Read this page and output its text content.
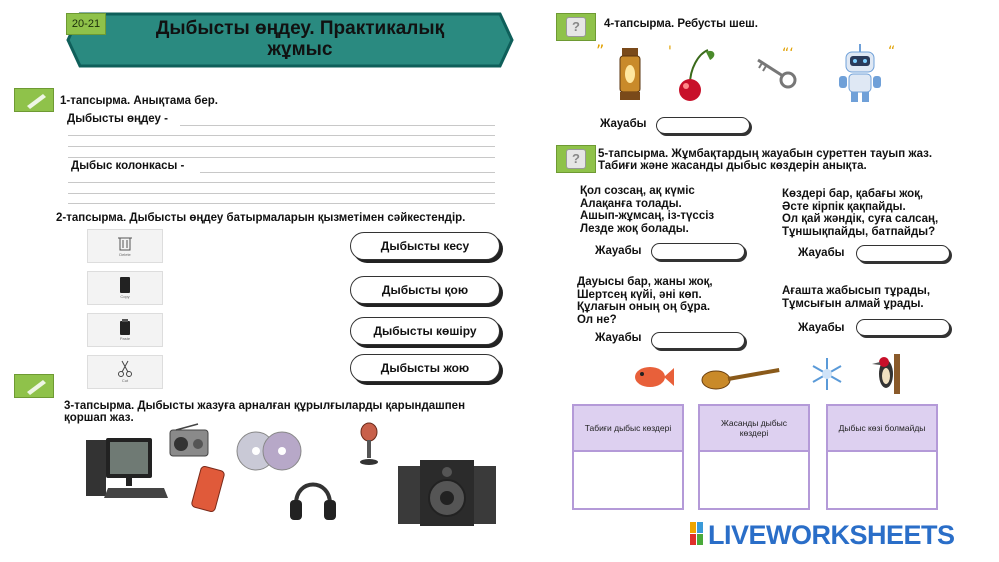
20-21	Дыбысты өңдеу. Практикалық
жұмыс
1-тапсырма. Анықтама бер.
Дыбысты өңдеу -
Дыбыс колонкасы -
2-тапсырма. Дыбысты өңдеу батырмаларын қызметімен сәйкестендір.
Delete
Copy
Paste
Cut
Дыбысты кесу
Дыбысты қою
Дыбысты көшіру
Дыбысты жою
3-тапсырма. Дыбысты жазуға арналған құрылғыларды қарындашпен
қоршап жаз.
?	4-тапсырма. Ребусты шеш.
”	'	“‘	“
Жауабы
?	5-тапсырма. Жұмбақтардың жауабын суреттен тауып жаз.
Табиғи және жасанды дыбыс көздерін анықта.
Қол созсаң, ақ күміс
Алақанға толады.
Ашып-жұмсаң, із-түссіз
Лезде жоқ болады.
Жауабы
Көздері бар, қабағы жоқ,
Әсте кірпік қақпайды.
Ол қай жәндік, суға салсаң,
Тұншықпайды, батпайды?
Жауабы
Дауысы бар, жаны жоқ,
Шертсең күйі, әні көп.
Құлағын оның оң бұра.
Ол не?
Жауабы
Ағашта жабысып тұрады,
Тұмсығын алмай ұрады.
Жауабы
Табиғи дыбыс көздері	Жасанды дыбыс көздері	Дыбыс көзі болмайды
LIVEWORKSHEETS
